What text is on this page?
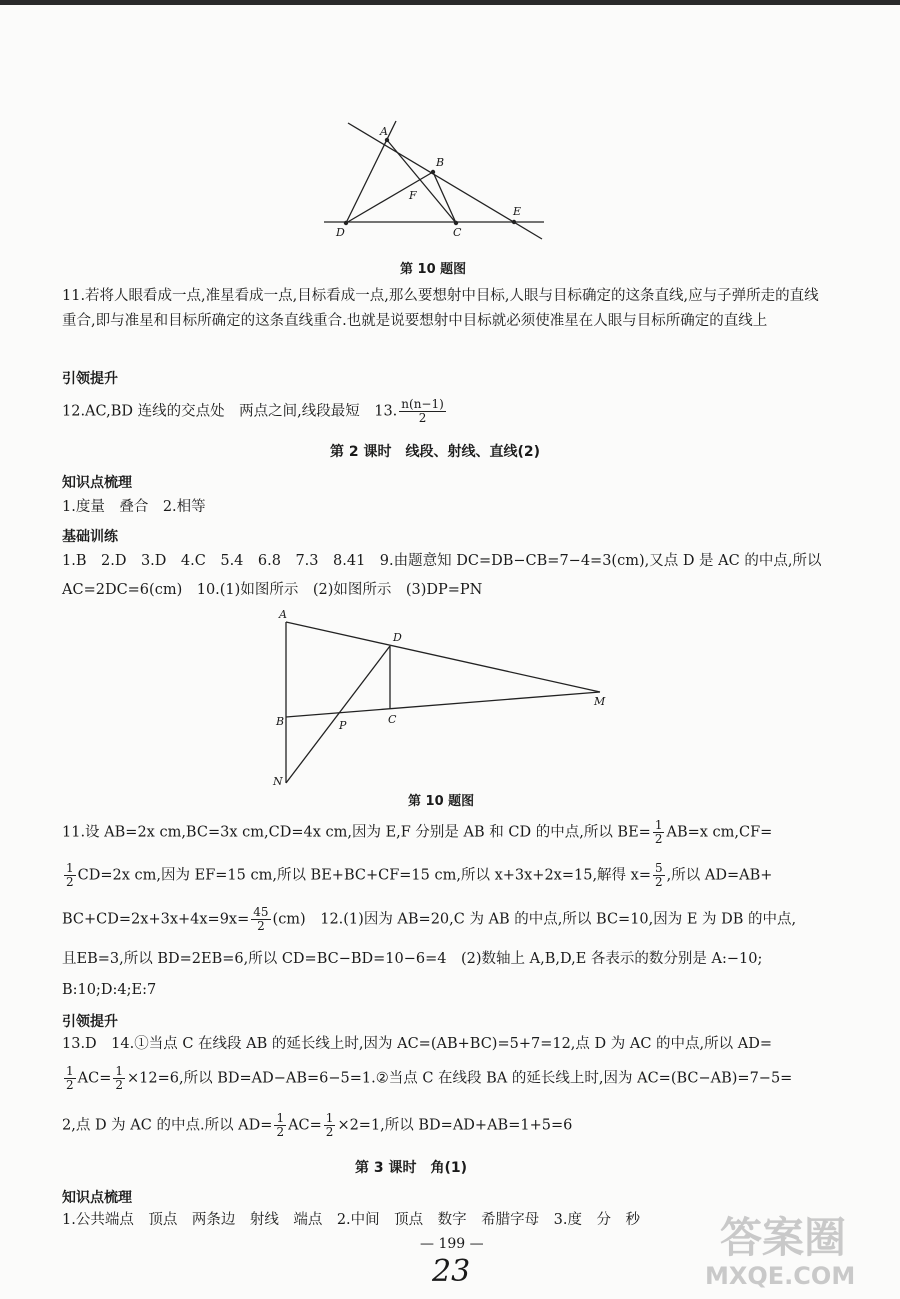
A
B
F
E
D	C
第 10 题图
11.若将人眼看成一点,准星看成一点,目标看成一点,那么要想射中目标,人眼与目标确定的这条直线,应与子弹所走的直线重合,即与准星和目标所确定的这条直线重合.也就是说要想射中目标就必须使准星在人眼与目标所确定的直线上
引领提升
12.AC,BD 连线的交点处　两点之间,线段最短　13. $\frac{n(n-1)}{2}$
第 2 课时　线段、射线、直线(2)
知识点梳理
1.度量　叠合　2.相等
基础训练
1.B　2.D　3.D　4.C　5.4　6.8　7.3　8.41　9.由题意知 DC=DB−CB=7−4=3(cm),又点 D 是 AC 的中点,所以
AC=2DC=6(cm)　10.(1)如图所示　(2)如图所示　(3)DP=PN
A
D
M
B	P	C
N
第 10 题图
11.设 AB=2x cm,BC=3x cm,CD=4x cm,因为 E,F 分别是 AB 和 CD 的中点,所以 $BE= \frac{1}{2} AB=x$ cm,CF=
$\frac{1}{2} CD=2x$ cm,因为 EF=15 cm,所以 BE+BC+CF=15 cm,所以 x+3x+2x=15,解得 $x= \frac{5}{2}$ ,所以 AD=AB+
$BC+CD=2x+3x+4x=9x= \frac{45}{2} (cm)$　12.(1)因为 AB=20,C 为 AB 的中点,所以 BC=10,因为 E 为 DB 的中点,
且EB=3,所以 BD=2EB=6,所以 CD=BC−BD=10−6=4　(2)数轴上 A,B,D,E 各表示的数分别是 A:−10;
B:10;D:4;E:7
引领提升
13.D　14.①当点 C 在线段 AB 的延长线上时,因为 AC=(AB+BC)=5+7=12,点 D 为 AC 的中点,所以 AD=
$\frac{1}{2} AC= \frac{1}{2} \times 12=6$,所以 BD=AD−AB=6−5=1.②当点 C 在线段 BA 的延长线上时,因为 AC=(BC−AB)=7−5=
2,点 D 为 AC 的中点.所以 $AD= \frac{1}{2} AC= \frac{1}{2} \times 2=1$,所以 BD=AD+AB=1+5=6
第 3 课时　角(1)
知识点梳理
1.公共端点　顶点　两条边　射线　端点　2.中间　顶点　数字　希腊字母　3.度　分　秒
— 199 —
23
答案圈
MXQE.COM
